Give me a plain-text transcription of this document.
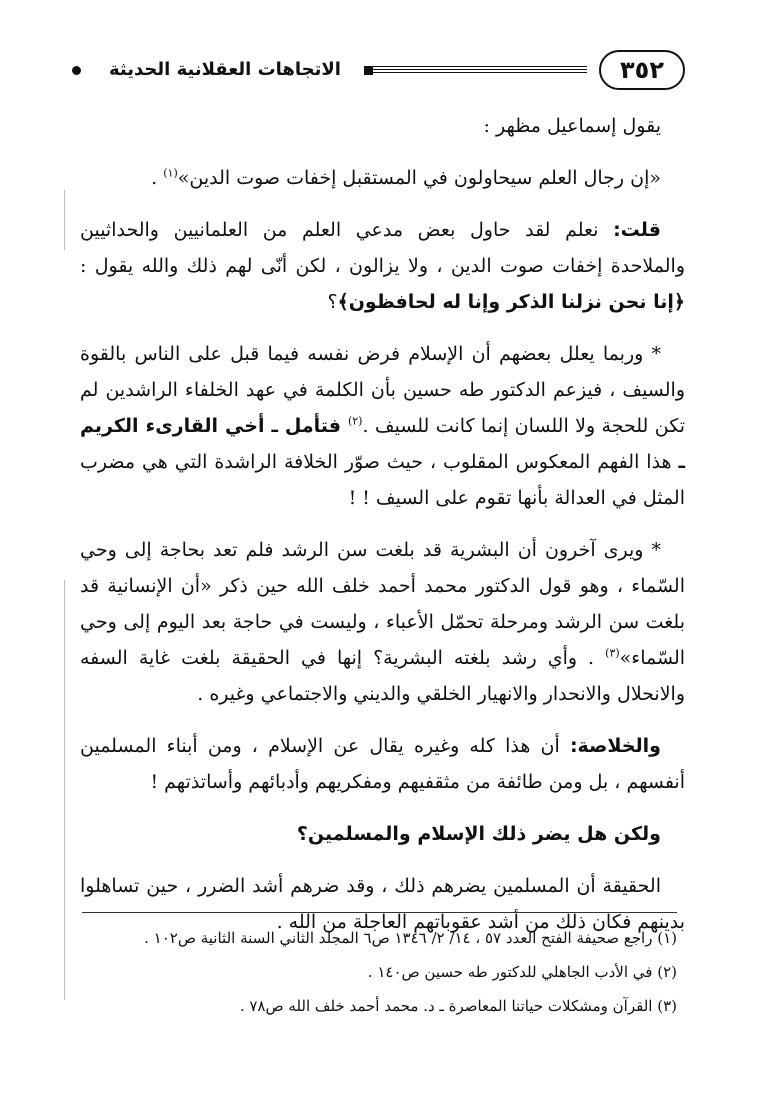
٣٥٢
الاتجاهات العقلانية الحديثة

يقول إسماعيل مظهر :

«إن رجال العلم سيحاولون في المستقبل إخفات صوت الدين»$^{(١)}$ .

قلت: نعلم لقد حاول بعض مدعي العلم من العلمانيين والحداثيين والملاحدة إخفات صوت الدين ، ولا يزالون ، لكن أنّى لهم ذلك والله يقول : ﴿إنا نحن نزلنا الذكر وإنا له لحافظون﴾؟

* وربما يعلل بعضهم أن الإسلام فرض نفسه فيما قبل على الناس بالقوة والسيف ، فيزعم الدكتور طه حسين بأن الكلمة في عهد الخلفاء الراشدين لم تكن للحجة ولا اللسان إنما كانت للسيف .$^{(٢)}$ فتأمل ـ أخي القارىء الكريم ـ هذا الفهم المعكوس المقلوب ، حيث صوّر الخلافة الراشدة التي هي مضرب المثل في العدالة بأنها تقوم على السيف ! !

* ويرى آخرون أن البشرية قد بلغت سن الرشد فلم تعد بحاجة إلى وحي السّماء ، وهو قول الدكتور محمد أحمد خلف الله حين ذكر «أن الإنسانية قد بلغت سن الرشد ومرحلة تحمّل الأعباء ، وليست في حاجة بعد اليوم إلى وحي السّماء»$^{(٣)}$ . وأي رشد بلغته البشرية؟ إنها في الحقيقة بلغت غاية السفه والانحلال والانحدار والانهيار الخلقي والديني والاجتماعي وغيره .

والخلاصة: أن هذا كله وغيره يقال عن الإسلام ، ومن أبناء المسلمين أنفسهم ، بل ومن طائفة من مثقفيهم ومفكريهم وأدبائهم وأساتذتهم !

ولكن هل يضر ذلك الإسلام والمسلمين؟

الحقيقة أن المسلمين يضرهم ذلك ، وقد ضرهم أشد الضرر ، حين تساهلوا بدينهم فكان ذلك من أشد عقوباتهم العاجلة من الله .

(١) راجع صحيفة الفتح العدد ٥٧ ، ١٤/ ٢/ ١٣٤٦ ص٦ المجلد الثاني السنة الثانية ص١٠٢ .

(٢) في الأدب الجاهلي للدكتور طه حسين ص١٤٠ .

(٣) القرآن ومشكلات حياتنا المعاصرة ـ د. محمد أحمد خلف الله ص٧٨ .
